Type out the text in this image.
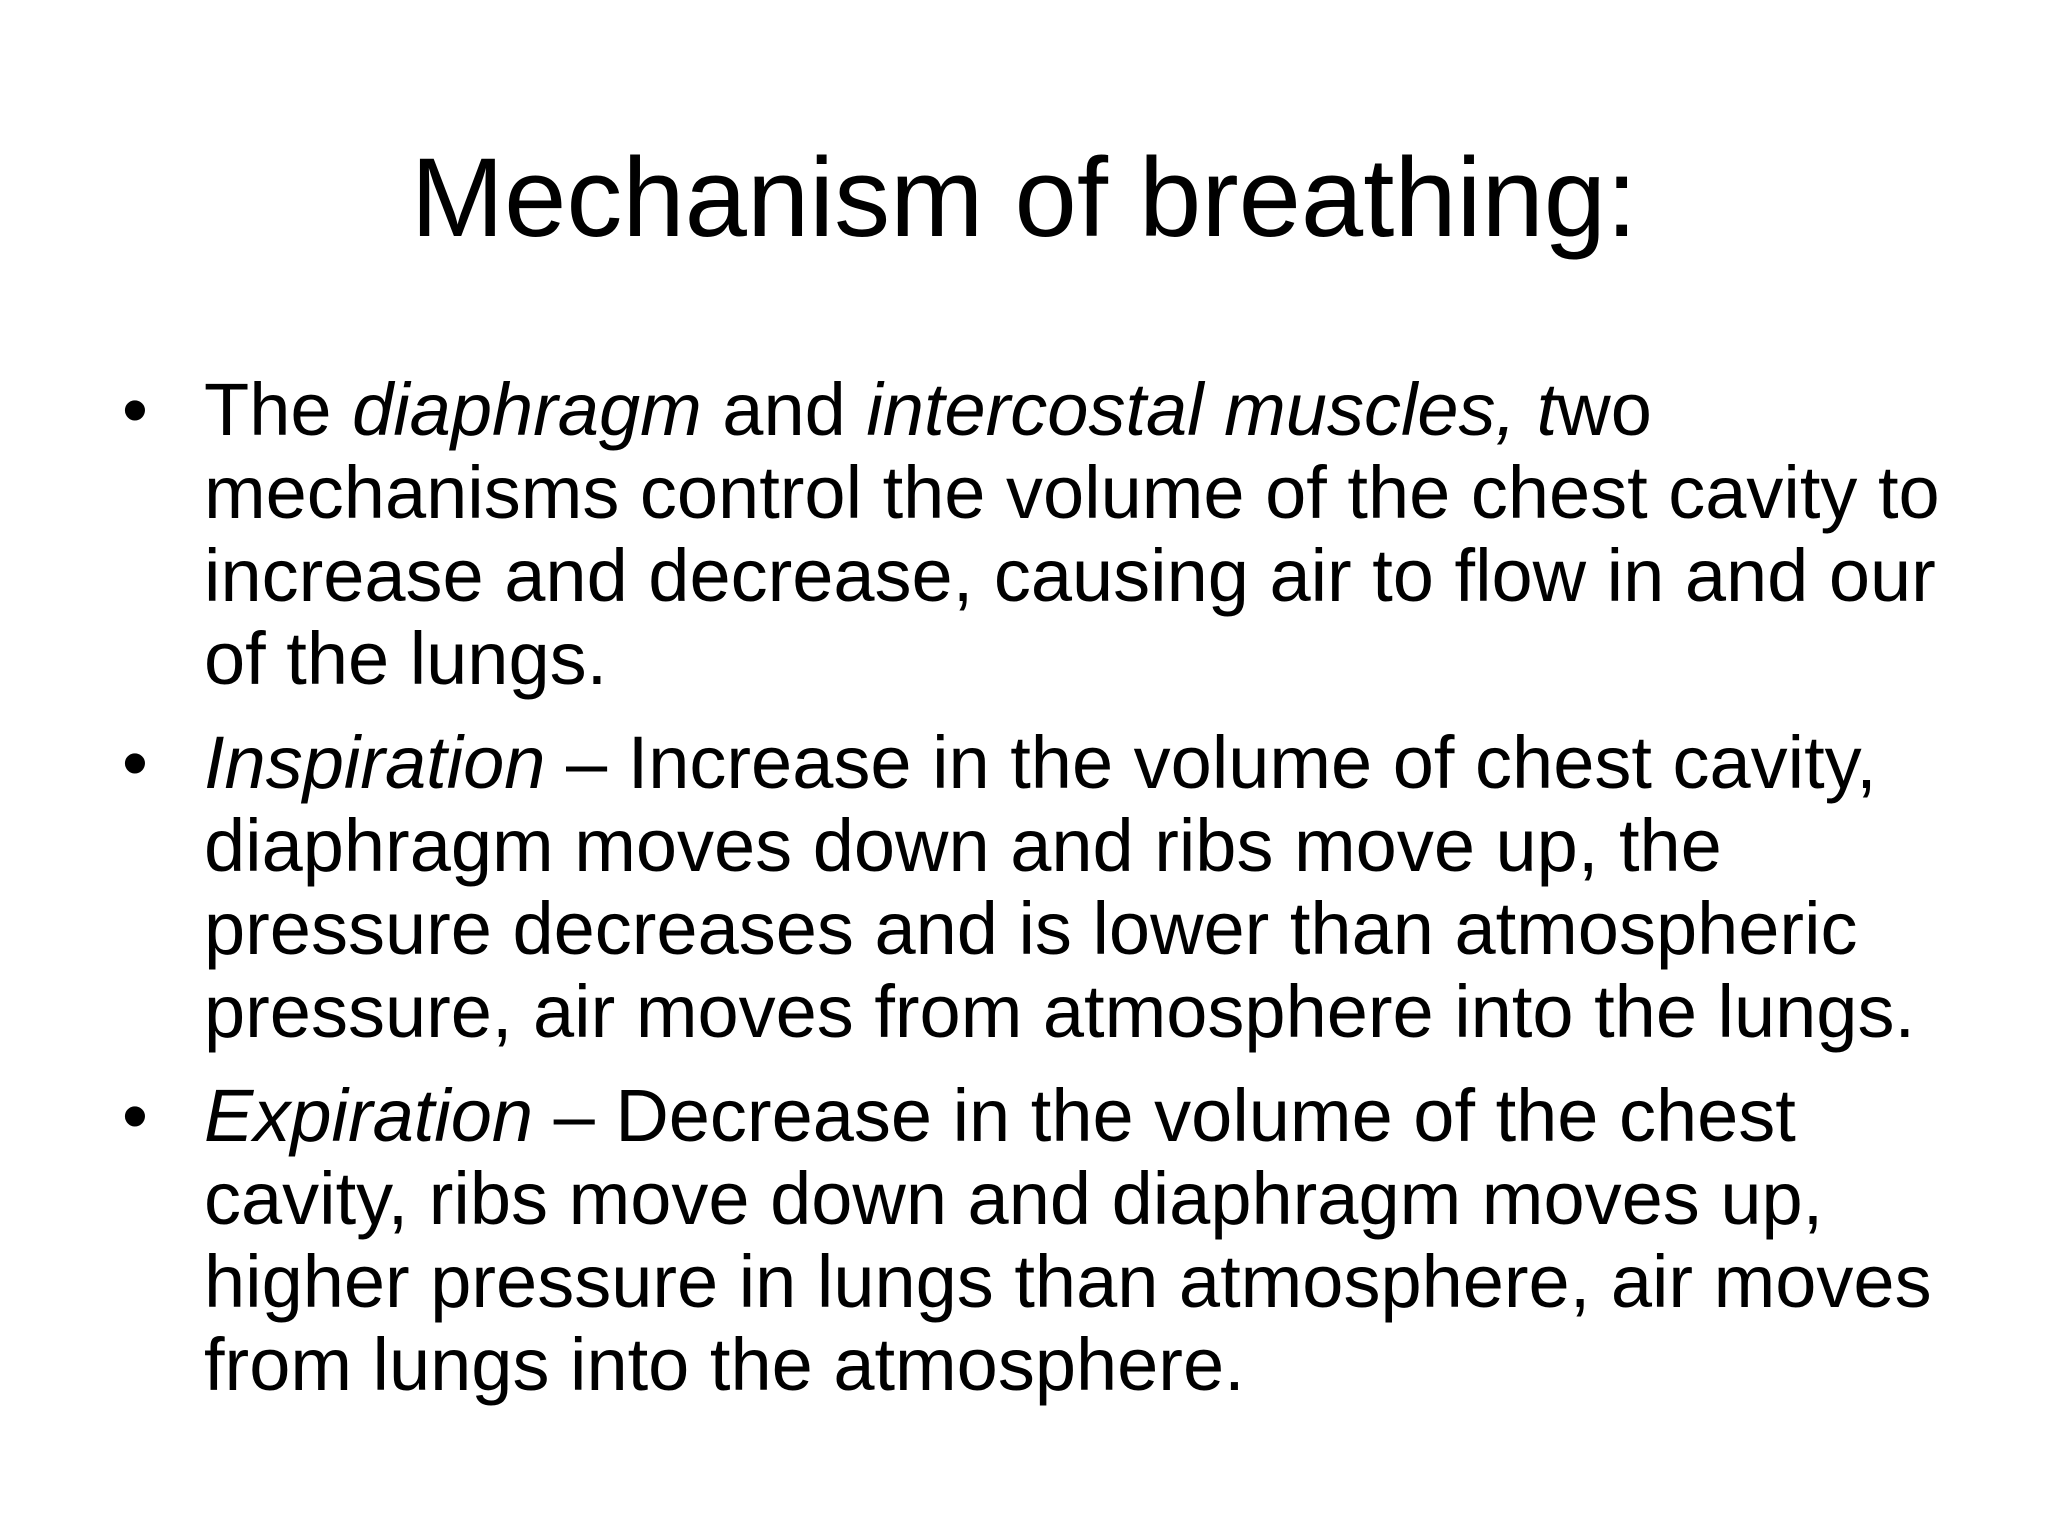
Mechanism of breathing:
• The diaphragm and intercostal muscles, two mechanisms control the volume of the chest cavity to increase and decrease, causing air to flow in and our of the lungs.
• Inspiration – Increase in the volume of chest cavity, diaphragm moves down and ribs move up, the pressure decreases and is lower than atmospheric pressure, air moves from atmosphere into the lungs.
• Expiration – Decrease in the volume of the chest cavity, ribs move down and diaphragm moves up, higher pressure in lungs than atmosphere, air moves from lungs into the atmosphere.
